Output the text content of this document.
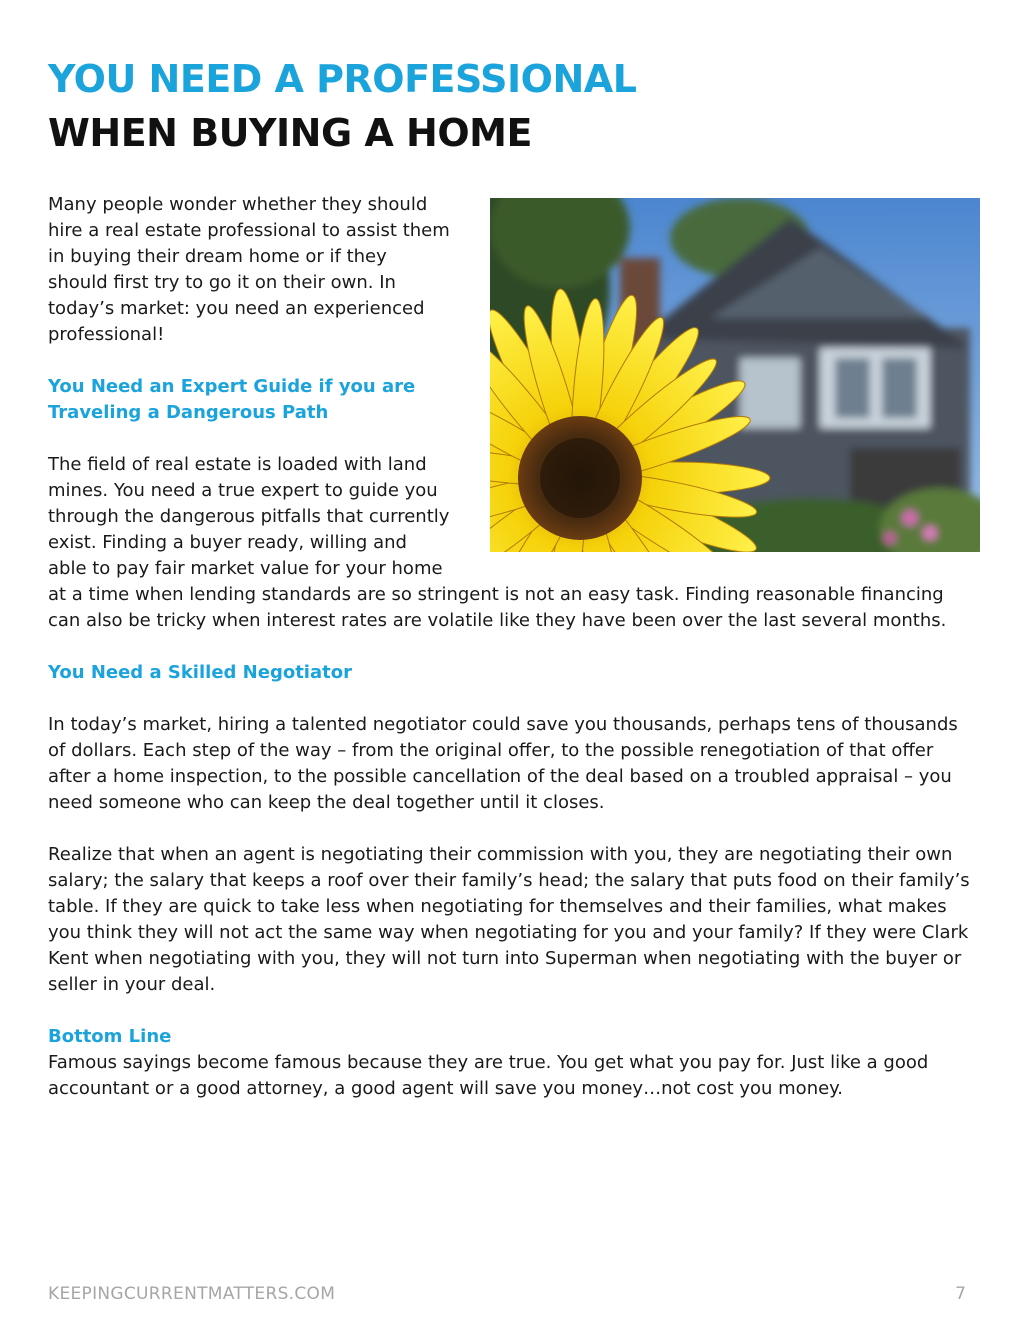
YOU NEED A PROFESSIONAL
WHEN BUYING A HOME

Many people wonder whether they should hire a real estate professional to assist them in buying their dream home or if they should first try to go it on their own. In today’s market: you need an experienced professional!

You Need an Expert Guide if you are Traveling a Dangerous Path

The field of real estate is loaded with land mines. You need a true expert to guide you through the dangerous pitfalls that currently exist. Finding a buyer ready, willing and able to pay fair market value for your home at a time when lending standards are so stringent is not an easy task. Finding reasonable financing can also be tricky when interest rates are volatile like they have been over the last several months.

You Need a Skilled Negotiator

In today’s market, hiring a talented negotiator could save you thousands, perhaps tens of thousands of dollars. Each step of the way – from the original offer, to the possible renegotiation of that offer after a home inspection, to the possible cancellation of the deal based on a troubled appraisal – you need someone who can keep the deal together until it closes.

Realize that when an agent is negotiating their commission with you, they are negotiating their own salary; the salary that keeps a roof over their family’s head; the salary that puts food on their family’s table. If they are quick to take less when negotiating for themselves and their families, what makes you think they will not act the same way when negotiating for you and your family? If they were Clark Kent when negotiating with you, they will not turn into Superman when negotiating with the buyer or seller in your deal.

Bottom Line

Famous sayings become famous because they are true. You get what you pay for. Just like a good accountant or a good attorney, a good agent will save you money…not cost you money.

KEEPINGCURRENTMATTERS.COM	7
